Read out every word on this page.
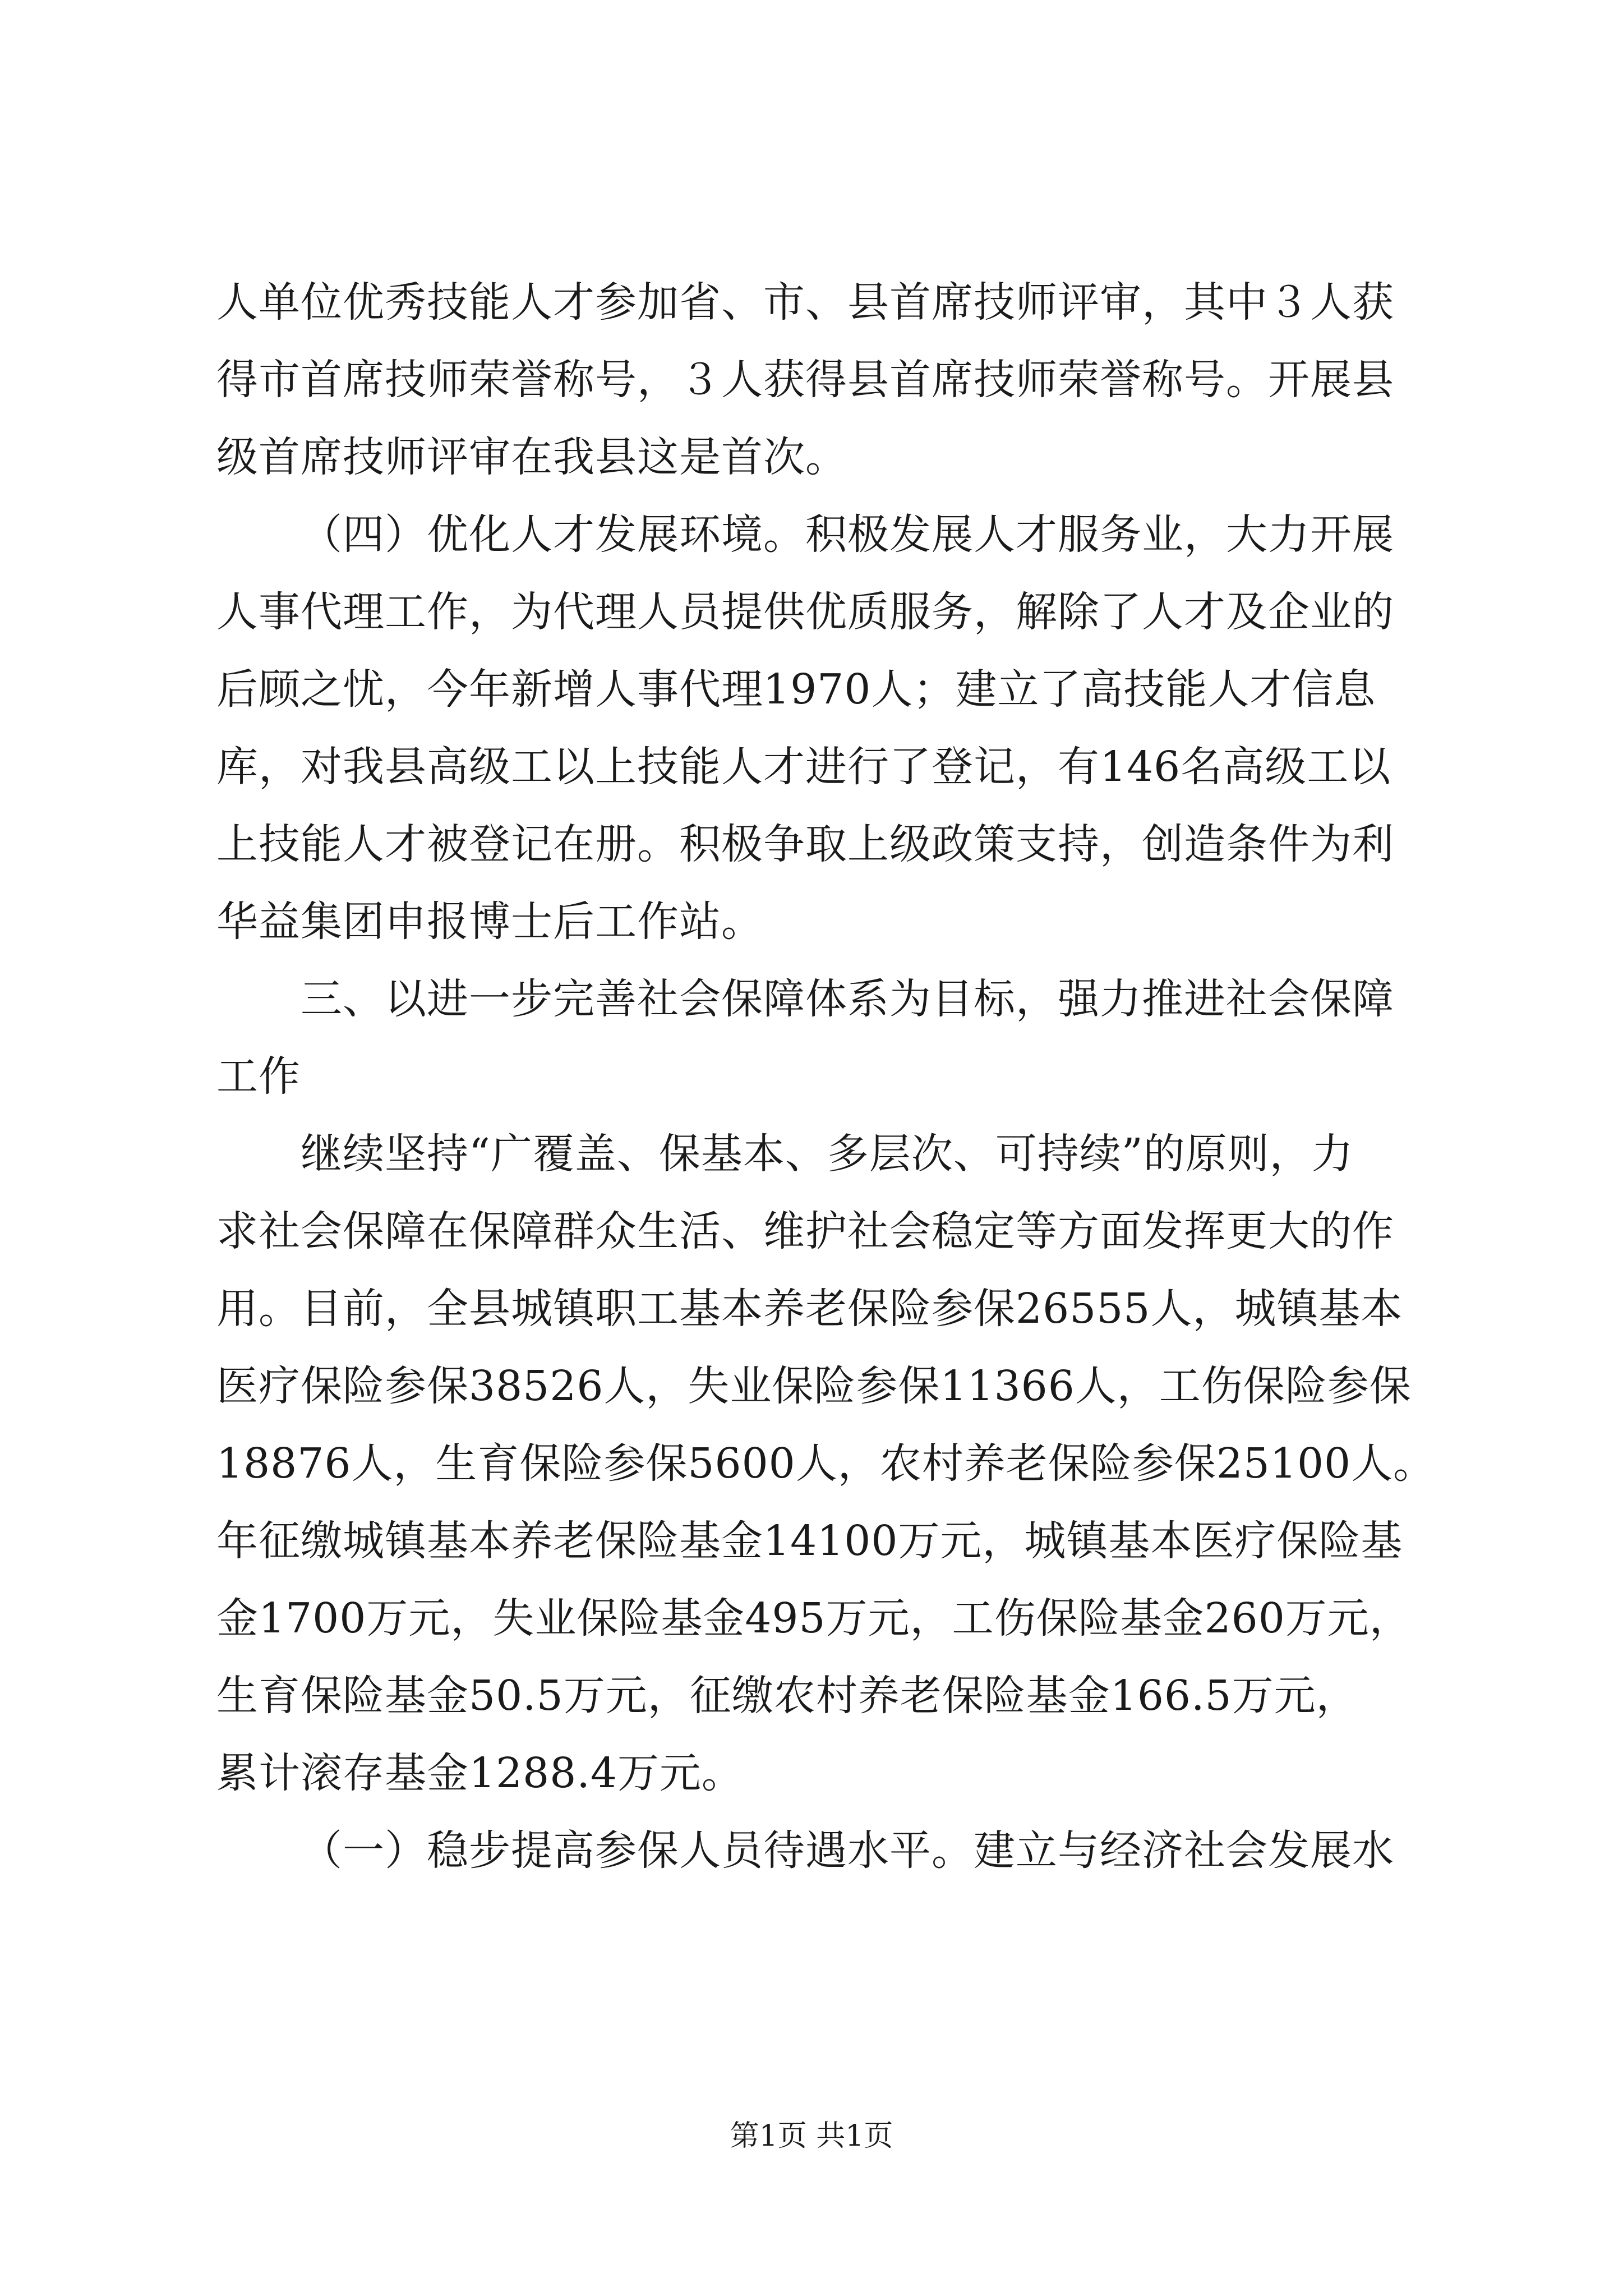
人单位优秀技能人才参加省、市、县首席技师评审，其中３人获
得市首席技师荣誉称号，３人获得县首席技师荣誉称号。开展县
级首席技师评审在我县这是首次。
（四）优化人才发展环境。积极发展人才服务业，大力开展
人事代理工作，为代理人员提供优质服务，解除了人才及企业的
后顾之忧，今年新增人事代理1970人；建立了高技能人才信息
库，对我县高级工以上技能人才进行了登记，有146名高级工以
上技能人才被登记在册。积极争取上级政策支持，创造条件为利
华益集团申报博士后工作站。
三、以进一步完善社会保障体系为目标，强力推进社会保障
工作
继续坚持“广覆盖、保基本、多层次、可持续”的原则，力
求社会保障在保障群众生活、维护社会稳定等方面发挥更大的作
用。目前，全县城镇职工基本养老保险参保26555人，城镇基本
医疗保险参保38526人，失业保险参保11366人，工伤保险参保
18876人，生育保险参保5600人，农村养老保险参保25100人。
年征缴城镇基本养老保险基金14100万元，城镇基本医疗保险基
金1700万元，失业保险基金495万元，工伤保险基金260万元，
生育保险基金50.5万元，征缴农村养老保险基金166.5万元，
累计滚存基金1288.4万元。
（一）稳步提高参保人员待遇水平。建立与经济社会发展水
第1页 共1页
